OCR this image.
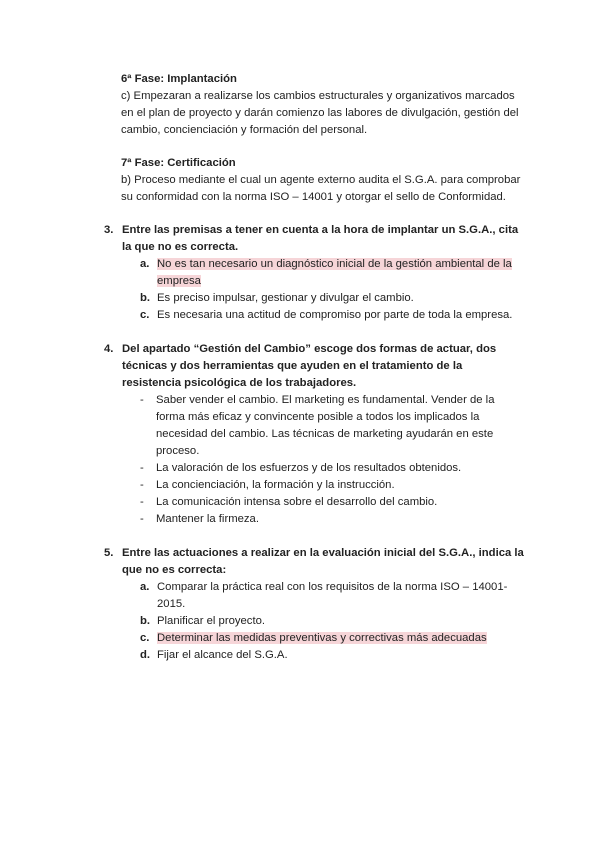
6ª Fase: Implantación
c) Empezaran a realizarse los cambios estructurales y organizativos marcados en el plan de proyecto y darán comienzo las labores de divulgación, gestión del cambio, concienciación y formación del personal.
7ª Fase: Certificación
b) Proceso mediante el cual un agente externo audita el S.G.A. para comprobar su conformidad con la norma ISO – 14001 y otorgar el sello de Conformidad.
3. Entre las premisas a tener en cuenta a la hora de implantar un S.G.A., cita la que no es correcta.
a. No es tan necesario un diagnóstico inicial de la gestión ambiental de la empresa
b. Es preciso impulsar, gestionar y divulgar el cambio.
c. Es necesaria una actitud de compromiso por parte de toda la empresa.
4. Del apartado “Gestión del Cambio” escoge dos formas de actuar, dos técnicas y dos herramientas que ayuden en el tratamiento de la resistencia psicológica de los trabajadores.
-	Saber vender el cambio. El marketing es fundamental. Vender de la forma más eficaz y convincente posible a todos los implicados la necesidad del cambio. Las técnicas de marketing ayudarán en este proceso.
-	La valoración de los esfuerzos y de los resultados obtenidos.
-	La concienciación, la formación y la instrucción.
-	La comunicación intensa sobre el desarrollo del cambio.
-	Mantener la firmeza.
5. Entre las actuaciones a realizar en la evaluación inicial del S.G.A., indica la que no es correcta:
a. Comparar la práctica real con los requisitos de la norma ISO – 14001-2015.
b. Planificar el proyecto.
c. Determinar las medidas preventivas y correctivas más adecuadas
d. Fijar el alcance del S.G.A.
